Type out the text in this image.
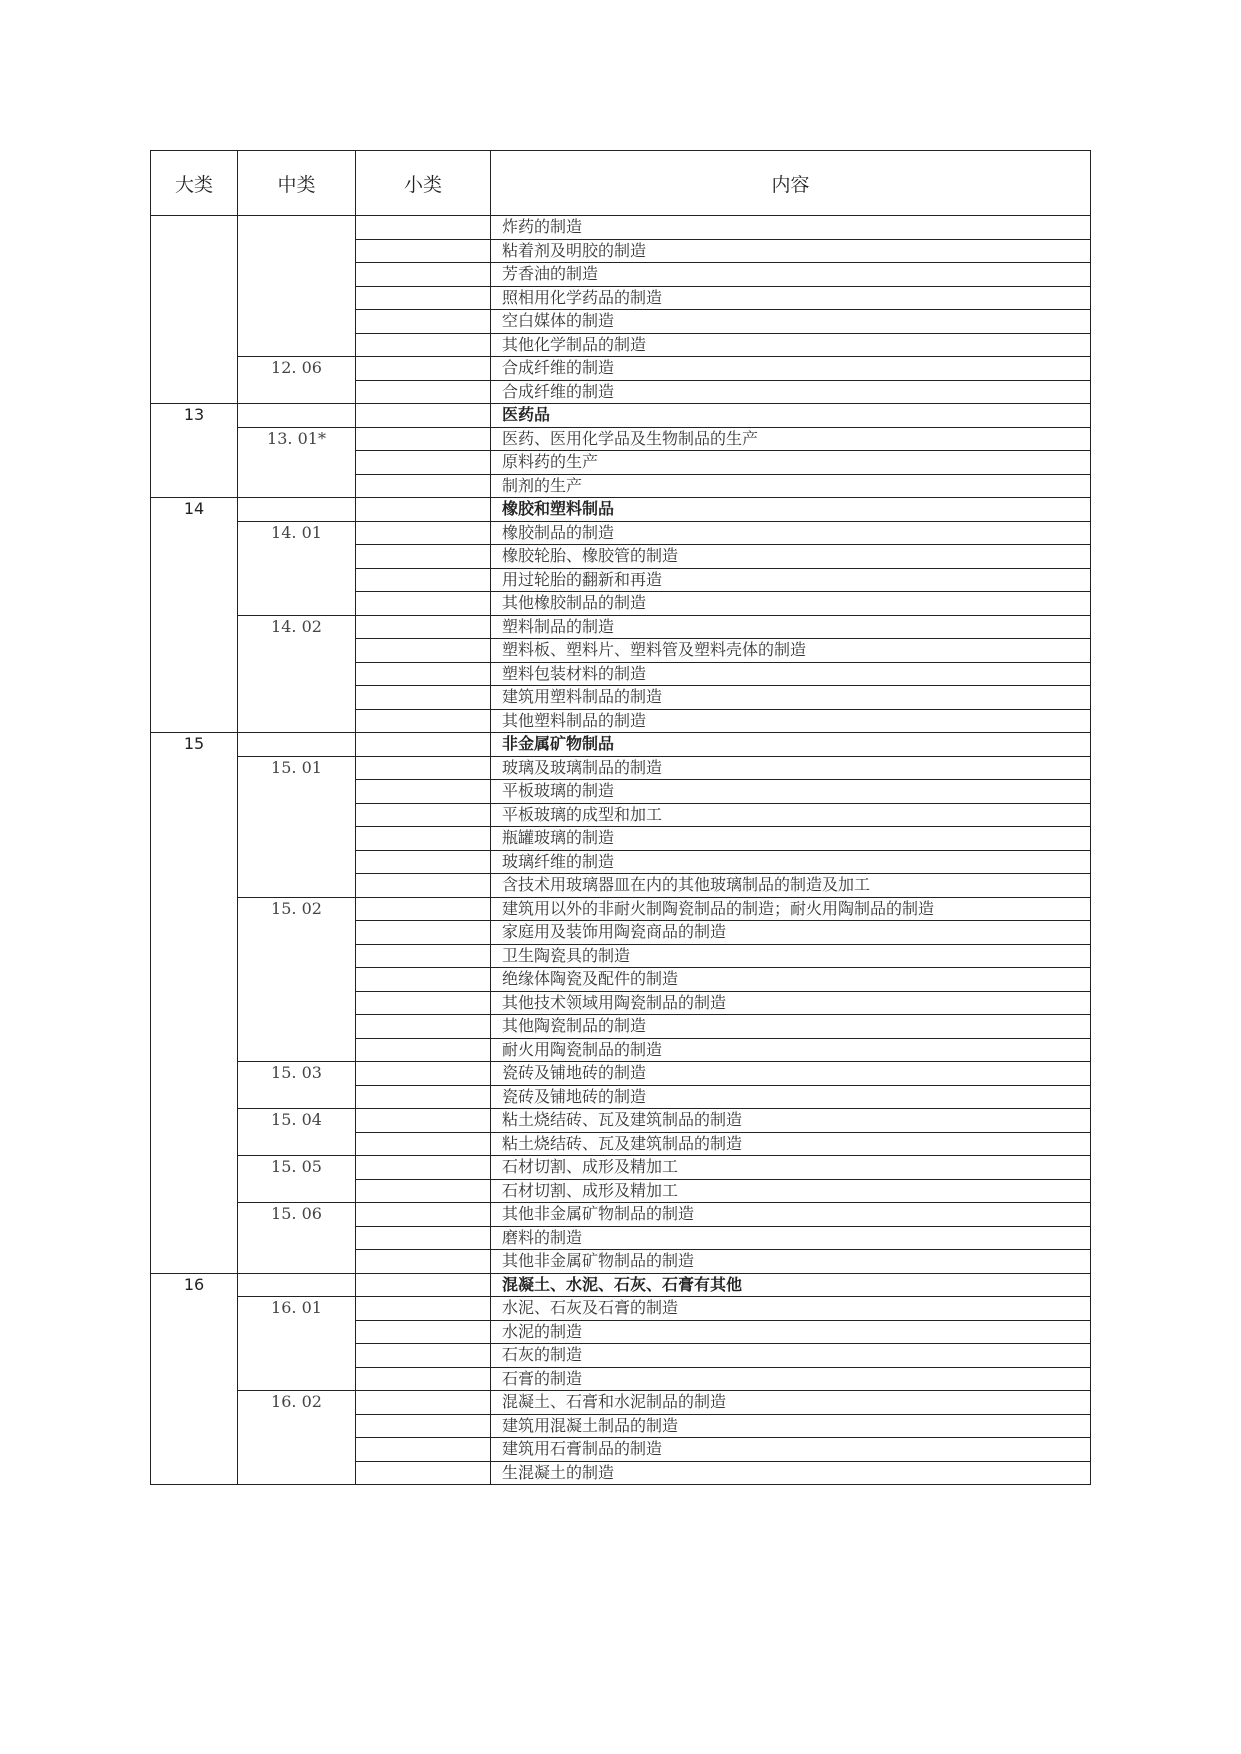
大类	中类	小类	内容
			炸药的制造
			粘着剂及明胶的制造
			芳香油的制造
			照相用化学药品的制造
			空白媒体的制造
			其他化学制品的制造
	12. 06		合成纤维的制造
			合成纤维的制造
13			医药品
	13. 01*		医药、医用化学品及生物制品的生产
			原料药的生产
			制剂的生产
14			橡胶和塑料制品
	14. 01		橡胶制品的制造
			橡胶轮胎、橡胶管的制造
			用过轮胎的翻新和再造
			其他橡胶制品的制造
	14. 02		塑料制品的制造
			塑料板、塑料片、塑料管及塑料壳体的制造
			塑料包装材料的制造
			建筑用塑料制品的制造
			其他塑料制品的制造
15			非金属矿物制品
	15. 01		玻璃及玻璃制品的制造
			平板玻璃的制造
			平板玻璃的成型和加工
			瓶罐玻璃的制造
			玻璃纤维的制造
			含技术用玻璃器皿在内的其他玻璃制品的制造及加工
	15. 02		建筑用以外的非耐火制陶瓷制品的制造；耐火用陶制品的制造
			家庭用及装饰用陶瓷商品的制造
			卫生陶瓷具的制造
			绝缘体陶瓷及配件的制造
			其他技术领域用陶瓷制品的制造
			其他陶瓷制品的制造
			耐火用陶瓷制品的制造
	15. 03		瓷砖及铺地砖的制造
			瓷砖及铺地砖的制造
	15. 04		粘土烧结砖、瓦及建筑制品的制造
			粘土烧结砖、瓦及建筑制品的制造
	15. 05		石材切割、成形及精加工
			石材切割、成形及精加工
	15. 06		其他非金属矿物制品的制造
			磨料的制造
			其他非金属矿物制品的制造
16			混凝土、水泥、石灰、石膏有其他
	16. 01		水泥、石灰及石膏的制造
			水泥的制造
			石灰的制造
			石膏的制造
	16. 02		混凝土、石膏和水泥制品的制造
			建筑用混凝土制品的制造
			建筑用石膏制品的制造
			生混凝土的制造
